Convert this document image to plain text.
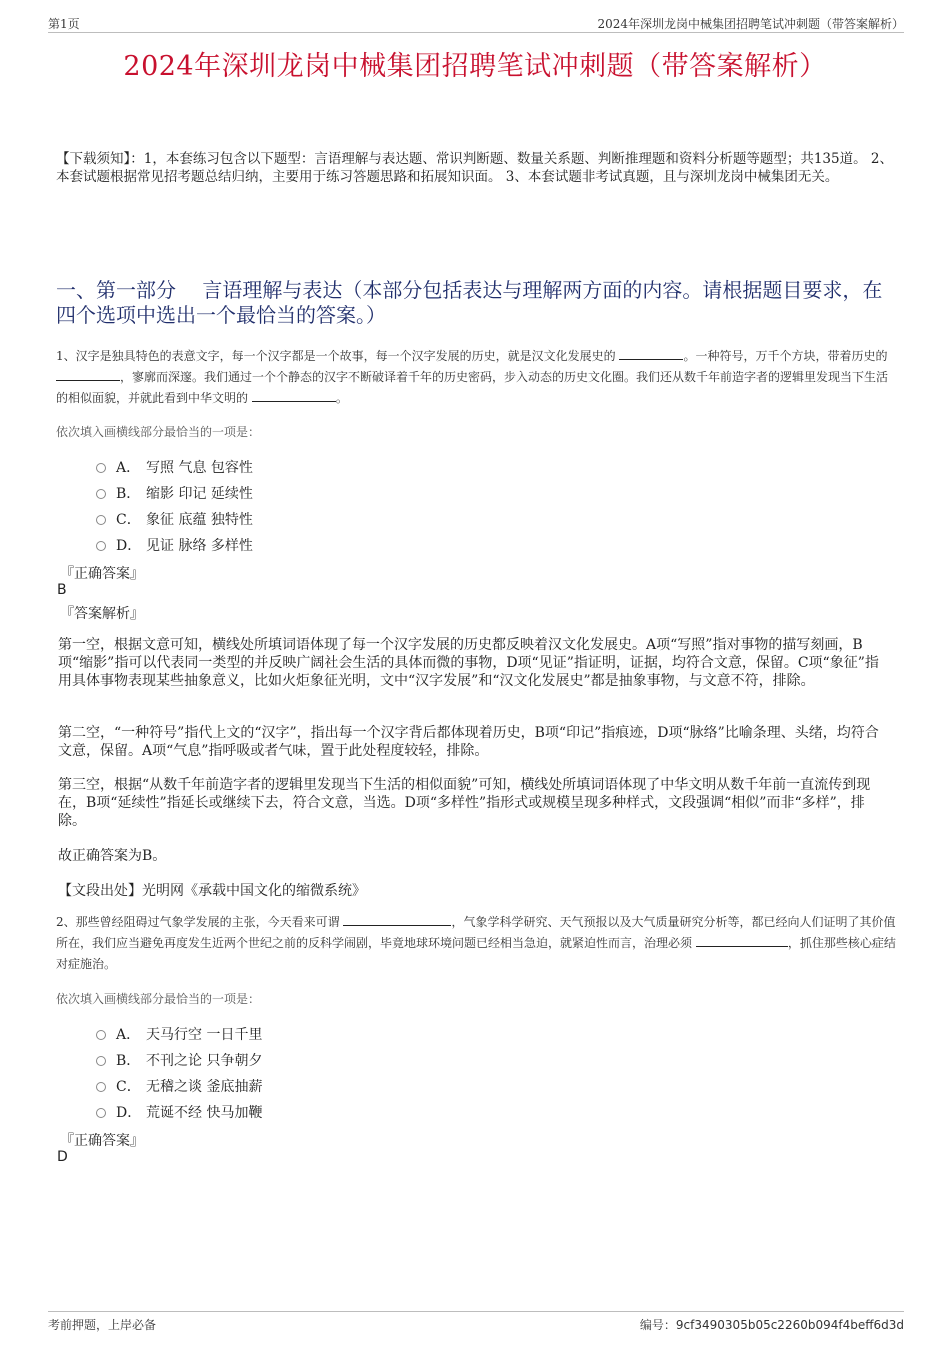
第1页	2024年深圳龙岗中械集团招聘笔试冲刺题（带答案解析）
2024年深圳龙岗中械集团招聘笔试冲刺题（带答案解析）
【下载须知】：1，本套练习包含以下题型：言语理解与表达题、常识判断题、数量关系题、判断推理题和资料分析题等题型；共135道。 2、本套试题根据常见招考题总结归纳，主要用于练习答题思路和拓展知识面。 3、本套试题非考试真题，且与深圳龙岗中械集团无关。
一、第一部分　 言语理解与表达（本部分包括表达与理解两方面的内容。请根据题目要求，在四个选项中选出一个最恰当的答案。）
1、汉字是独具特色的表意文字，每一个汉字都是一个故事，每一个汉字发展的历史，就是汉文化发展史的	。一种符号，万千个方块，带着历史的 ，寥廓而深邃。我们通过一个个静态的汉字不断破译着千年的历史密码，步入动态的历史文化圈。我们还从数千年前造字者的逻辑里发现当下生活的相似面貌，并就此看到中华文明的	。
依次填入画横线部分最恰当的一项是：
A． 写照 气息 包容性
B． 缩影 印记 延续性
C． 象征 底蕴 独特性
D． 见证 脉络 多样性
『正确答案』
B
『答案解析』
第一空，根据文意可知，横线处所填词语体现了每一个汉字发展的历史都反映着汉文化发展史。A项“写照”指对事物的描写刻画，B项“缩影”指可以代表同一类型的并反映广阔社会生活的具体而微的事物，D项“见证”指证明，证据，均符合文意，保留。C项“象征”指用具体事物表现某些抽象意义，比如火炬象征光明，文中“汉字发展”和“汉文化发展史”都是抽象事物，与文意不符，排除。
第二空，“一种符号”指代上文的“汉字”，指出每一个汉字背后都体现着历史，B项“印记”指痕迹，D项“脉络”比喻条理、头绪，均符合文意，保留。A项“气息”指呼吸或者气味，置于此处程度较轻，排除。
第三空，根据“从数千年前造字者的逻辑里发现当下生活的相似面貌”可知，横线处所填词语体现了中华文明从数千年前一直流传到现在，B项“延续性”指延长或继续下去，符合文意，当选。D项“多样性”指形式或规模呈现多种样式，文段强调“相似”而非“多样”，排除。
故正确答案为B。
【文段出处】光明网《承载中国文化的缩微系统》
2、那些曾经阻碍过气象学发展的主张，今天看来可谓	，气象学科学研究、天气预报以及大气质量研究分析等，都已经向人们证明了其价值所在，我们应当避免再度发生近两个世纪之前的反科学闹剧，毕竟地球环境问题已经相当急迫，就紧迫性而言，治理必须	，抓住那些核心症结对症施治。
依次填入画横线部分最恰当的一项是：
A． 天马行空 一日千里
B． 不刊之论 只争朝夕
C． 无稽之谈 釜底抽薪
D． 荒诞不经 快马加鞭
『正确答案』
D
考前押题，上岸必备	编号：9cf3490305b05c2260b094f4beff6d3d
